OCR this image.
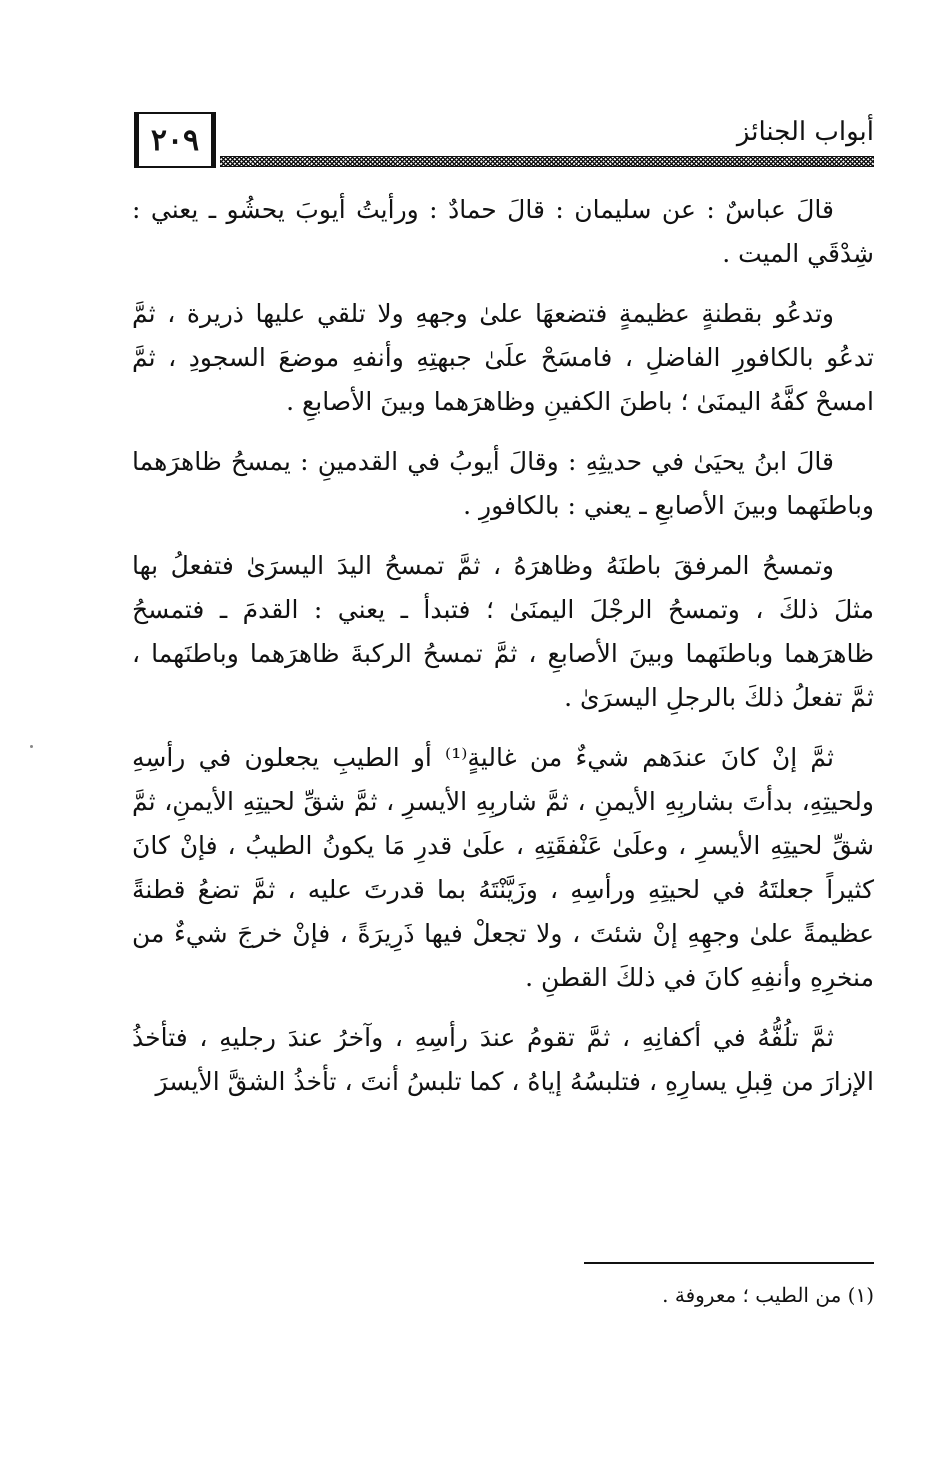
٢٠٩	أبواب الجنائز

قالَ عباسٌ : عن سليمان : قالَ حمادٌ : ورأيتُ أيوبَ يحشُو ـ يعني : شِدْقَي الميت .

وتدعُو بقطنةٍ عظيمةٍ فتضعهَا علىٰ وجههِ ولا تلقي عليها ذريرة ، ثمَّ تدعُو بالكافورِ الفاضلِ ، فامسَحْ علَىٰ جبهتِهِ وأنفهِ موضعَ السجودِ ، ثمَّ امسحْ كفَّهُ اليمنَىٰ ؛ باطنَ الكفينِ وظاهرَهما وبينَ الأصابعِ .

قالَ ابنُ يحيَىٰ في حديثِهِ : وقالَ أيوبُ في القدمينِ : يمسحُ ظاهرَهما وباطنَهما وبينَ الأصابعِ ـ يعني : بالكافورِ .

وتمسحُ المرفقَ باطنَهُ وظاهرَهُ ، ثمَّ تمسحُ اليدَ اليسرَىٰ فتفعلُ بها مثلَ ذلكَ ، وتمسحُ الرجْلَ اليمنَىٰ ؛ فتبدأ ـ يعني : القدمَ ـ فتمسحُ ظاهرَهما وباطنَهما وبينَ الأصابعِ ، ثمَّ تمسحُ الركبةَ ظاهرَهما وباطنَهما ، ثمَّ تفعلُ ذلكَ بالرجلِ اليسرَىٰ .

ثمَّ إنْ كانَ عندَهم شيءٌ من غاليةٍ⁽¹⁾ أو الطيبِ يجعلون في رأسِهِ ولحيتِهِ، بدأتَ بشاربِهِ الأيمنِ ، ثمَّ شاربِهِ الأيسرِ ، ثمَّ شقِّ لحيتِهِ الأيمنِ، ثمَّ شقِّ لحيتِهِ الأيسرِ ، وعلَىٰ عَنْفقَتِهِ ، علَىٰ قدرِ مَا يكونُ الطيبُ ، فإنْ كانَ كثيراً جعلتَهُ في لحيتِهِ ورأسِهِ ، وزَيَّنْتَهُ بما قدرتَ عليه ، ثمَّ تضعُ قطنةً عظيمةً علىٰ وجهِهِ إنْ شئتَ ، ولا تجعلْ فيها ذَرِيرَةً ، فإنْ خرجَ شيءٌ من منخرِهِ وأنفِهِ كانَ في ذلكَ القطنِ .

ثمَّ تلُفُّهُ في أكفانِهِ ، ثمَّ تقومُ عندَ رأسِهِ ، وآخرُ عندَ رجليهِ ، فتأخذُ الإزارَ من قِبلِ يسارِهِ ، فتلبسُهُ إياهُ ، كما تلبسُ أنتَ ، تأخذُ الشقَّ الأيسرَ

(١) من الطيب ؛ معروفة .
